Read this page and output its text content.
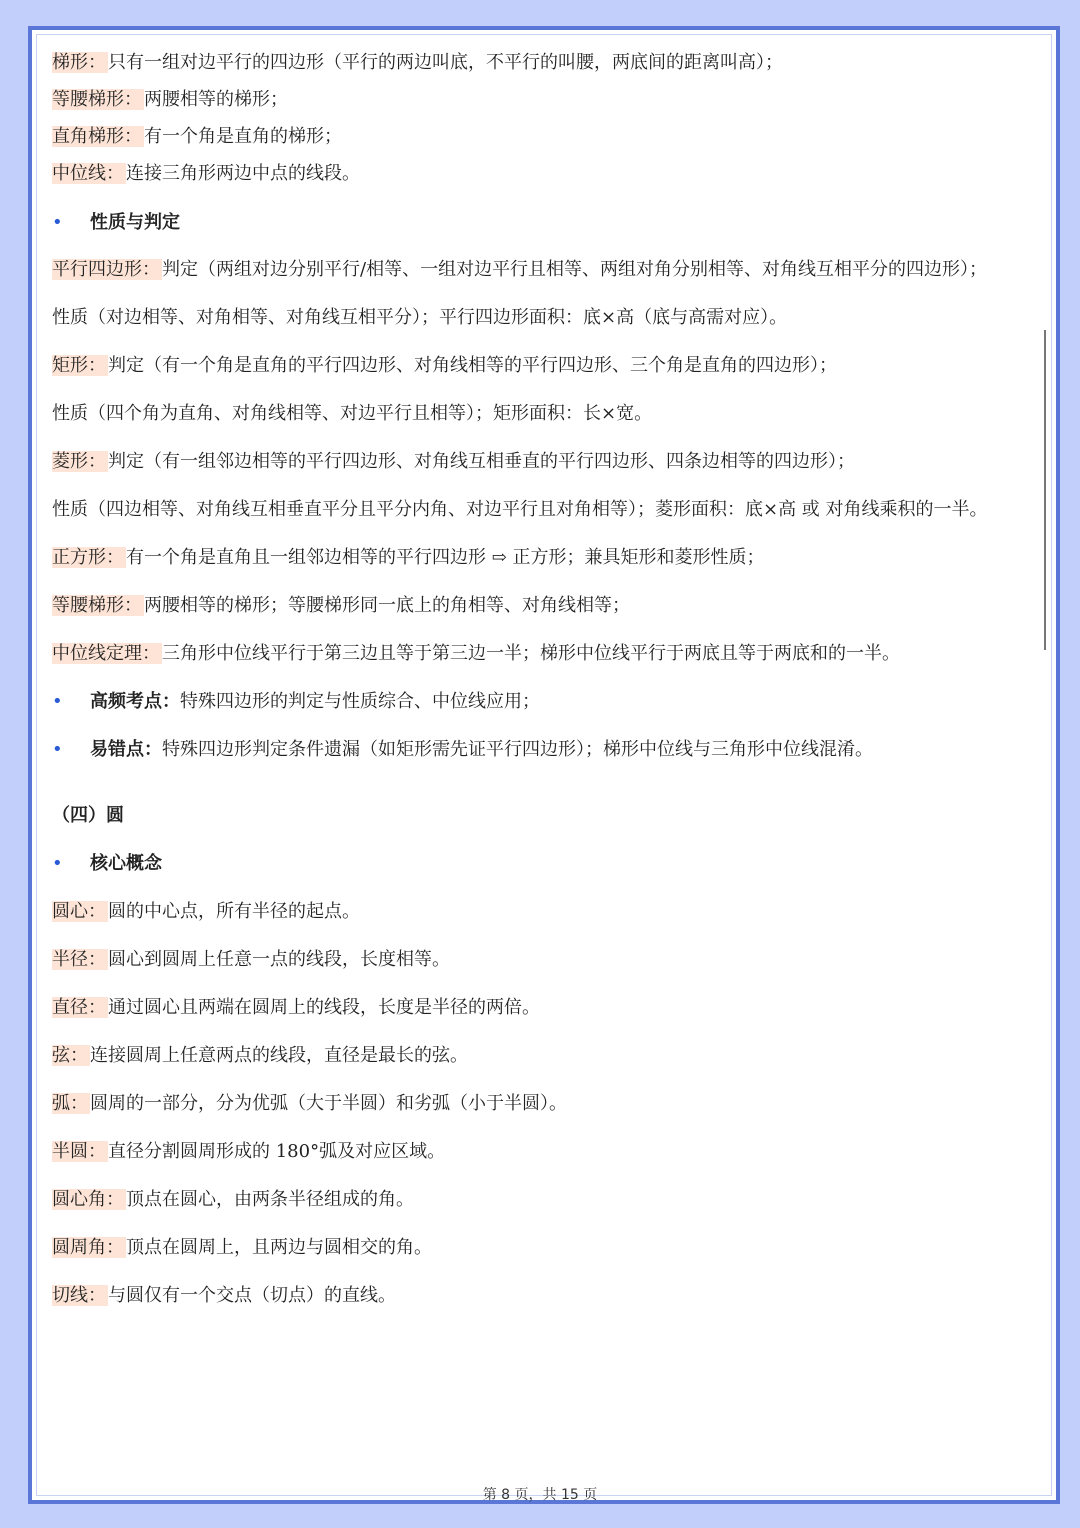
梯形： 只有一组对边平行的四边形（平行的两边叫底，不平行的叫腰，两底间的距离叫高）；
等腰梯形： 两腰相等的梯形；
直角梯形： 有一个角是直角的梯形；
中位线： 连接三角形两边中点的线段。
• 性质与判定
平行四边形： 判定（两组对边分别平行/相等、一组对边平行且相等、两组对角分别相等、对角线互相平分的四边形）；
性质（对边相等、对角相等、对角线互相平分）；平行四边形面积：底×高（底与高需对应）。
矩形： 判定（有一个角是直角的平行四边形、对角线相等的平行四边形、三个角是直角的四边形）；
性质（四个角为直角、对角线相等、对边平行且相等）；矩形面积：长×宽。
菱形： 判定（有一组邻边相等的平行四边形、对角线互相垂直的平行四边形、四条边相等的四边形）；
性质（四边相等、对角线互相垂直平分且平分内角、对边平行且对角相等）；菱形面积：底×高 或 对角线乘积的一半。
正方形： 有一个角是直角且一组邻边相等的平行四边形 ⇨ 正方形；兼具矩形和菱形性质；
等腰梯形： 两腰相等的梯形；等腰梯形同一底上的角相等、对角线相等；
中位线定理： 三角形中位线平行于第三边且等于第三边一半；梯形中位线平行于两底且等于两底和的一半。
• 高频考点：特殊四边形的判定与性质综合、中位线应用；
• 易错点：特殊四边形判定条件遗漏（如矩形需先证平行四边形）；梯形中位线与三角形中位线混淆。
（四）圆
• 核心概念
圆心： 圆的中心点，所有半径的起点。
半径： 圆心到圆周上任意一点的线段，长度相等。
直径： 通过圆心且两端在圆周上的线段，长度是半径的两倍。
弦： 连接圆周上任意两点的线段，直径是最长的弦。
弧： 圆周的一部分，分为优弧（大于半圆）和劣弧（小于半圆）。
半圆： 直径分割圆周形成的 180°弧及对应区域。
圆心角： 顶点在圆心，由两条半径组成的角。
圆周角： 顶点在圆周上，且两边与圆相交的角。
切线： 与圆仅有一个交点（切点）的直线。
第 8 页，共 15 页
